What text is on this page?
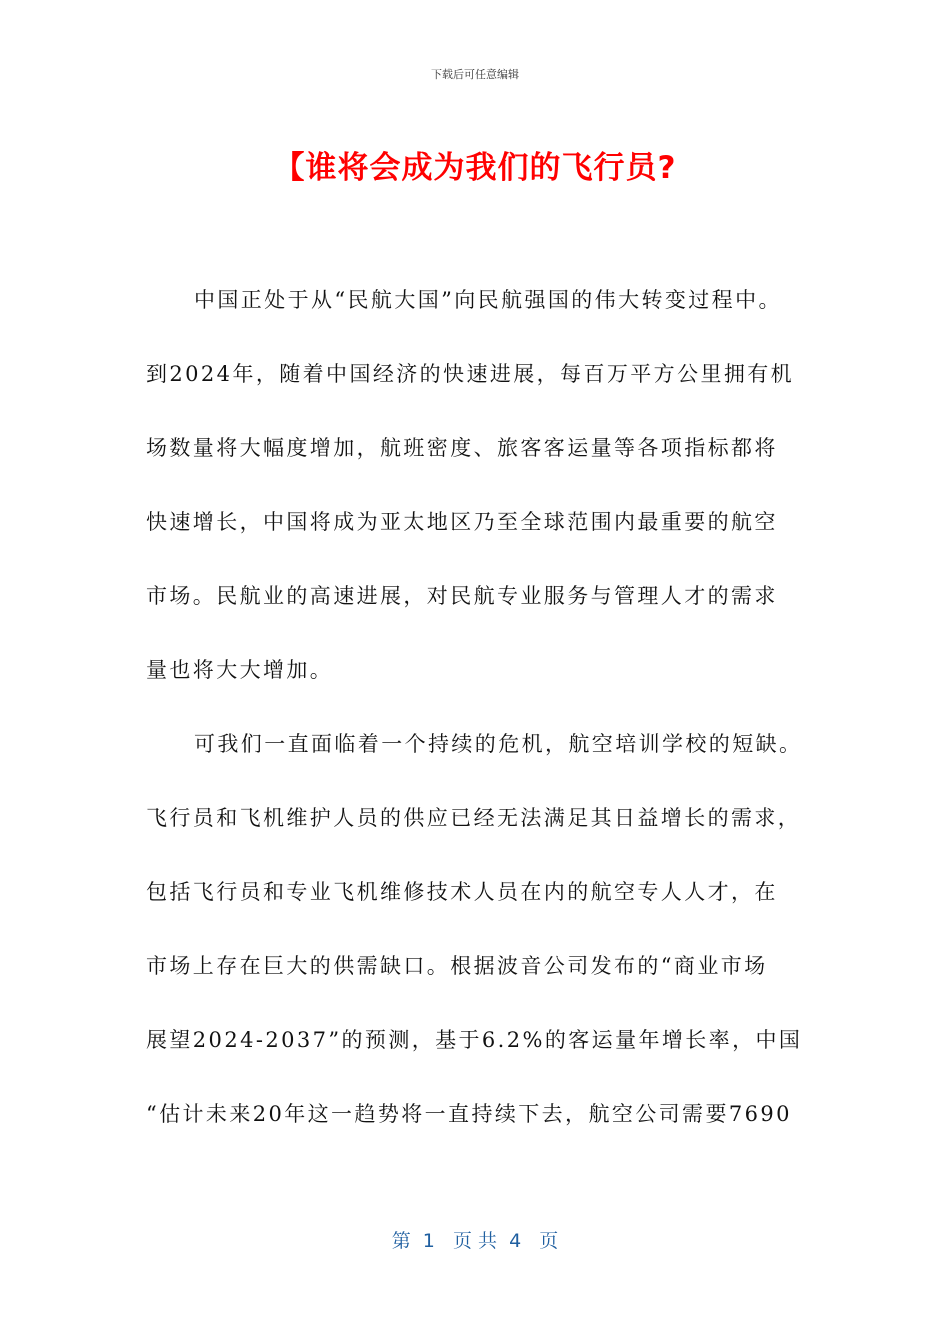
下载后可任意编辑
【谁将会成为我们的飞行员?
中国正处于从“民航大国”向民航强国的伟大转变过程中。
到2024年，随着中国经济的快速进展，每百万平方公里拥有机
场数量将大幅度增加，航班密度、旅客客运量等各项指标都将
快速增长，中国将成为亚太地区乃至全球范围内最重要的航空
市场。民航业的高速进展，对民航专业服务与管理人才的需求
量也将大大增加。
可我们一直面临着一个持续的危机，航空培训学校的短缺。
飞行员和飞机维护人员的供应已经无法满足其日益增长的需求，
包括飞行员和专业飞机维修技术人员在内的航空专人人才，在
市场上存在巨大的供需缺口。根据波音公司发布的“商业市场
展望2024-2037”的预测，基于6.2%的客运量年增长率，中国
“估计未来20年这一趋势将一直持续下去，航空公司需要7690
第  1   页 共  4   页
